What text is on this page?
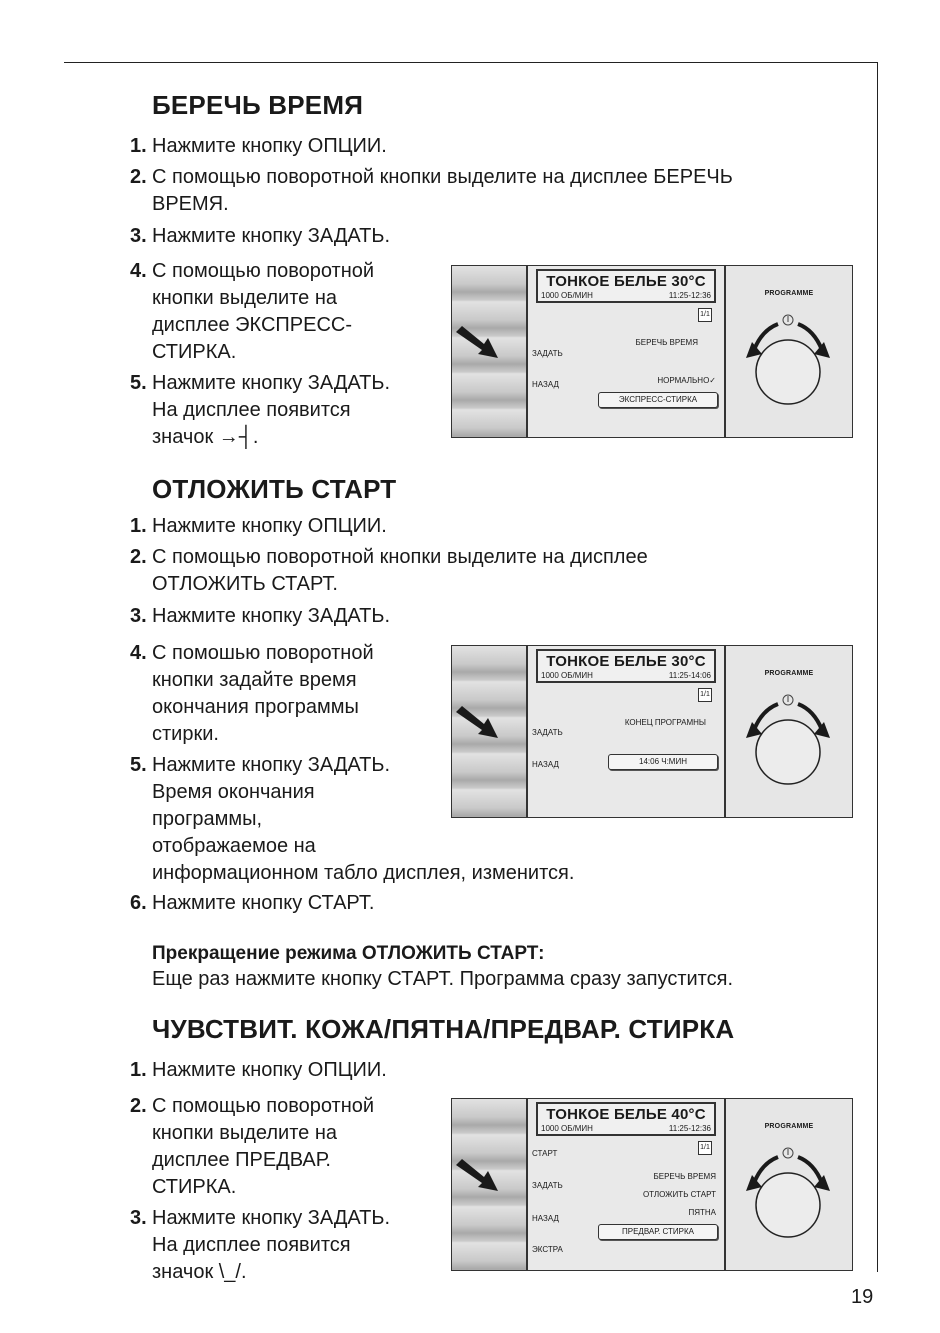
БЕРЕЧЬ ВРЕМЯ
1. Нажмите кнопку ОПЦИИ.
2. С помощью поворотной кнопки выделите на дисплее БЕРЕЧЬ
ВРЕМЯ.
3. Нажмите кнопку ЗАДАТЬ.
4. С помощью поворотной
кнопки выделите на
дисплее ЭКСПРЕСС-
СТИРКА.
5. Нажмите кнопку ЗАДАТЬ.
На дисплее появится
значок →┤.
ТОНКОЕ БЕЛЬЕ 30°C
1000 ОБ/МИН	11:25-12:36
1/1
ЗАДАТЬ
НАЗАД
БЕРЕЧЬ ВРЕМЯ
НОРМАЛЬНО✓
ЭКСПРЕСС-СТИРКА
PROGRAMME
ОТЛОЖИТЬ СТАРТ
1. Нажмите кнопку ОПЦИИ.
2. С помощью поворотной кнопки выделите на дисплее
ОТЛОЖИТЬ СТАРТ.
3. Нажмите кнопку ЗАДАТЬ.
4. С помошью поворотной
кнопки задайте время
окончания программы
стирки.
5. Нажмите кнопку ЗАДАТЬ.
Время окончания
программы,
отображаемое на
информационном табло дисплея, изменится.
6. Нажмите кнопку СТАРТ.
Прекращение режима ОТЛОЖИТЬ СТАРТ:
Еще раз нажмите кнопку СТАРТ. Программа сразу запустится.
ТОНКОЕ БЕЛЬЕ 30°C
1000 ОБ/МИН	11:25-14:06
1/1
ЗАДАТЬ
НАЗАД
КОНЕЦ ПРОГРАМНЫ
14:06 Ч:МИН
PROGRAMME
ЧУВСТВИТ. КОЖА/ПЯТНА/ПРЕДВАР. СТИРКА
1. Нажмите кнопку ОПЦИИ.
2. С помощью поворотной
кнопки выделите на
дисплее ПРЕДВАР.
СТИРКА.
3. Нажмите кнопку ЗАДАТЬ.
На дисплее появится
значок \_/.
ТОНКОЕ БЕЛЬЕ 40°C
1000 ОБ/МИН	11:25-12:36
1/1
СТАРТ
ЗАДАТЬ
НАЗАД
ЭКСТРА
БЕРЕЧЬ ВРЕМЯ
ОТЛОЖИТЬ СТАРТ
ПЯТНА
ПРЕДВАР. СТИРКА
PROGRAMME
19
